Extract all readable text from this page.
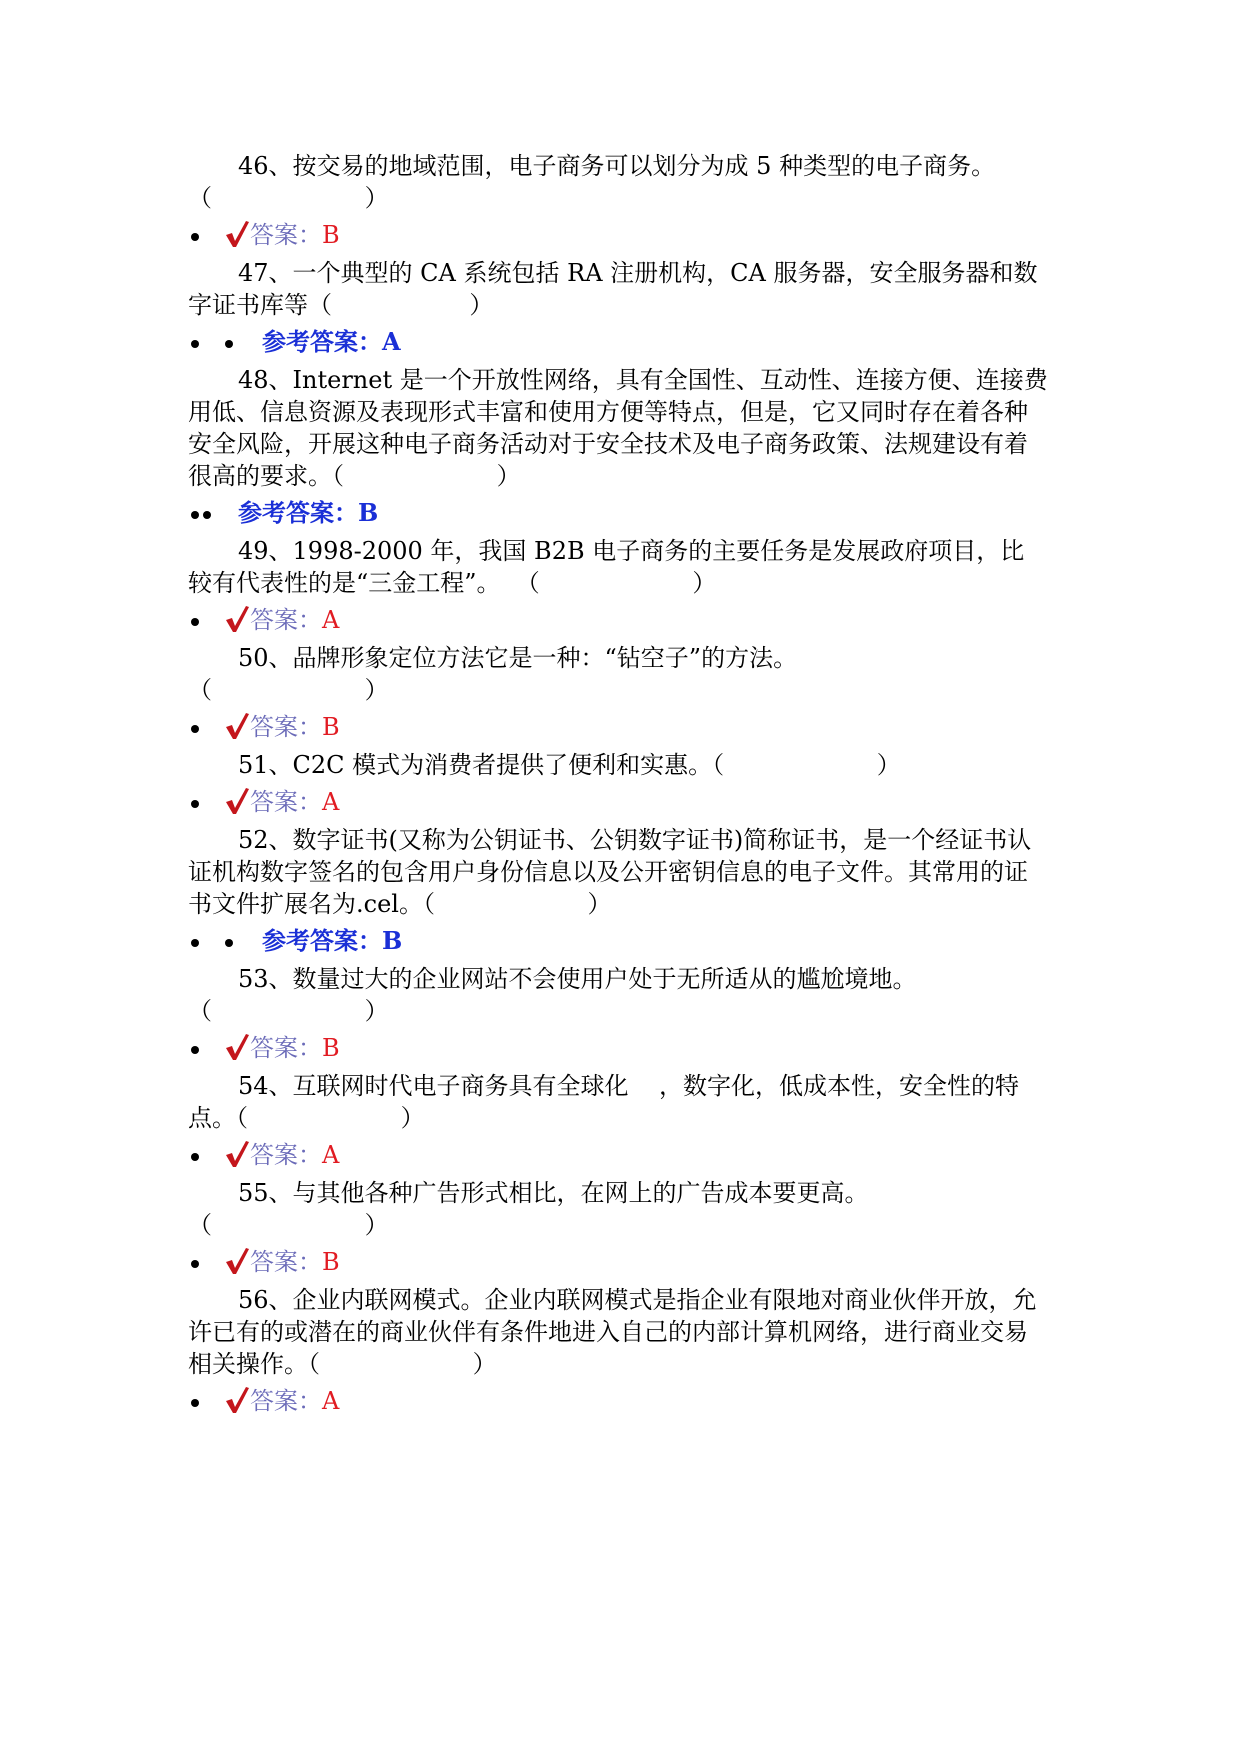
46、按交易的地域范围，电子商务可以划分为成 5 种类型的电子商务。
（                    ）

答案：B

47、一个典型的 CA 系统包括 RA 注册机构，CA 服务器，安全服务器和数字证书库等（                  ）

参考答案：A

48、Internet 是一个开放性网络，具有全国性、互动性、连接方便、连接费用低、信息资源及表现形式丰富和使用方便等特点，但是，它又同时存在着各种安全风险，开展这种电子商务活动对于安全技术及电子商务政策、法规建设有着很高的要求。（                    ）

参考答案：B

49、1998-2000 年，我国 B2B 电子商务的主要任务是发展政府项目，比较有代表性的是“三金工程”。  （                    ）

答案：A

50、品牌形象定位方法它是一种：“钻空子”的方法。
（                    ）

答案：B

51、C2C 模式为消费者提供了便利和实惠。（                    ）

答案：A

52、数字证书(又称为公钥证书、公钥数字证书)简称证书，是一个经证书认证机构数字签名的包含用户身份信息以及公开密钥信息的电子文件。其常用的证书文件扩展名为.cel。（                    ）

参考答案：B

53、数量过大的企业网站不会使用户处于无所适从的尴尬境地。
（                    ）

答案：B

54、互联网时代电子商务具有全球化    ，数字化，低成本性，安全性的特点。（                    ）

答案：A

55、与其他各种广告形式相比，在网上的广告成本要更高。
（                    ）

答案：B

56、企业内联网模式。企业内联网模式是指企业有限地对商业伙伴开放，允许已有的或潜在的商业伙伴有条件地进入自己的内部计算机网络，进行商业交易相关操作。（                    ）

答案：A
